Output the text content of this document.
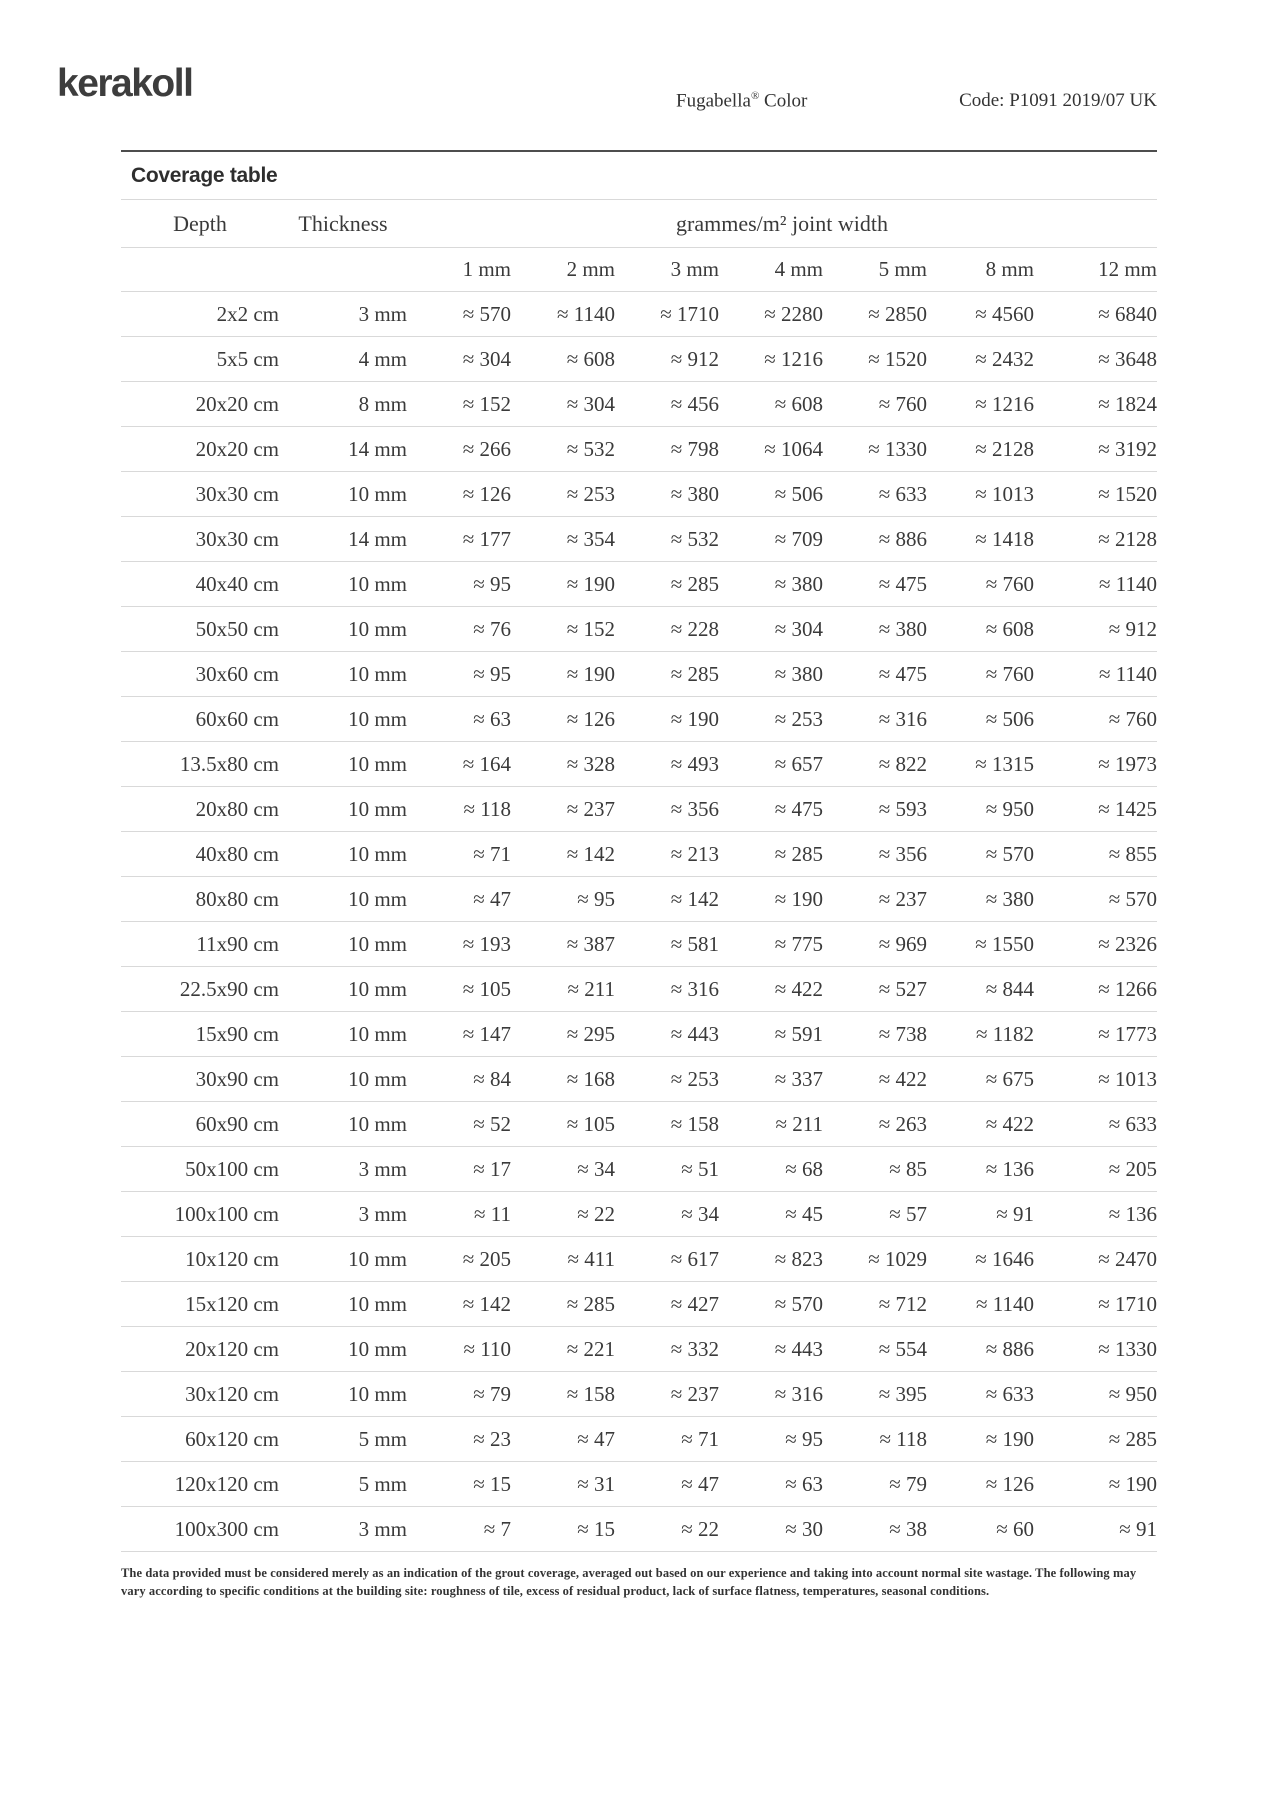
kerakoll	Fugabella® Color	Code: P1091 2019/07 UK
Coverage table
Depth	Thickness	grammes/m² joint width
1 mm	2 mm	3 mm	4 mm	5 mm	8 mm	12 mm
2x2 cm	3 mm	≈ 570	≈ 1140	≈ 1710	≈ 2280	≈ 2850	≈ 4560	≈ 6840
5x5 cm	4 mm	≈ 304	≈ 608	≈ 912	≈ 1216	≈ 1520	≈ 2432	≈ 3648
20x20 cm	8 mm	≈ 152	≈ 304	≈ 456	≈ 608	≈ 760	≈ 1216	≈ 1824
20x20 cm	14 mm	≈ 266	≈ 532	≈ 798	≈ 1064	≈ 1330	≈ 2128	≈ 3192
30x30 cm	10 mm	≈ 126	≈ 253	≈ 380	≈ 506	≈ 633	≈ 1013	≈ 1520
30x30 cm	14 mm	≈ 177	≈ 354	≈ 532	≈ 709	≈ 886	≈ 1418	≈ 2128
40x40 cm	10 mm	≈ 95	≈ 190	≈ 285	≈ 380	≈ 475	≈ 760	≈ 1140
50x50 cm	10 mm	≈ 76	≈ 152	≈ 228	≈ 304	≈ 380	≈ 608	≈ 912
30x60 cm	10 mm	≈ 95	≈ 190	≈ 285	≈ 380	≈ 475	≈ 760	≈ 1140
60x60 cm	10 mm	≈ 63	≈ 126	≈ 190	≈ 253	≈ 316	≈ 506	≈ 760
13.5x80 cm	10 mm	≈ 164	≈ 328	≈ 493	≈ 657	≈ 822	≈ 1315	≈ 1973
20x80 cm	10 mm	≈ 118	≈ 237	≈ 356	≈ 475	≈ 593	≈ 950	≈ 1425
40x80 cm	10 mm	≈ 71	≈ 142	≈ 213	≈ 285	≈ 356	≈ 570	≈ 855
80x80 cm	10 mm	≈ 47	≈ 95	≈ 142	≈ 190	≈ 237	≈ 380	≈ 570
11x90 cm	10 mm	≈ 193	≈ 387	≈ 581	≈ 775	≈ 969	≈ 1550	≈ 2326
22.5x90 cm	10 mm	≈ 105	≈ 211	≈ 316	≈ 422	≈ 527	≈ 844	≈ 1266
15x90 cm	10 mm	≈ 147	≈ 295	≈ 443	≈ 591	≈ 738	≈ 1182	≈ 1773
30x90 cm	10 mm	≈ 84	≈ 168	≈ 253	≈ 337	≈ 422	≈ 675	≈ 1013
60x90 cm	10 mm	≈ 52	≈ 105	≈ 158	≈ 211	≈ 263	≈ 422	≈ 633
50x100 cm	3 mm	≈ 17	≈ 34	≈ 51	≈ 68	≈ 85	≈ 136	≈ 205
100x100 cm	3 mm	≈ 11	≈ 22	≈ 34	≈ 45	≈ 57	≈ 91	≈ 136
10x120 cm	10 mm	≈ 205	≈ 411	≈ 617	≈ 823	≈ 1029	≈ 1646	≈ 2470
15x120 cm	10 mm	≈ 142	≈ 285	≈ 427	≈ 570	≈ 712	≈ 1140	≈ 1710
20x120 cm	10 mm	≈ 110	≈ 221	≈ 332	≈ 443	≈ 554	≈ 886	≈ 1330
30x120 cm	10 mm	≈ 79	≈ 158	≈ 237	≈ 316	≈ 395	≈ 633	≈ 950
60x120 cm	5 mm	≈ 23	≈ 47	≈ 71	≈ 95	≈ 118	≈ 190	≈ 285
120x120 cm	5 mm	≈ 15	≈ 31	≈ 47	≈ 63	≈ 79	≈ 126	≈ 190
100x300 cm	3 mm	≈ 7	≈ 15	≈ 22	≈ 30	≈ 38	≈ 60	≈ 91

The data provided must be considered merely as an indication of the grout coverage, averaged out based on our experience and taking into account normal site wastage. The following may vary according to specific conditions at the building site: roughness of tile, excess of residual product, lack of surface flatness, temperatures, seasonal conditions.
